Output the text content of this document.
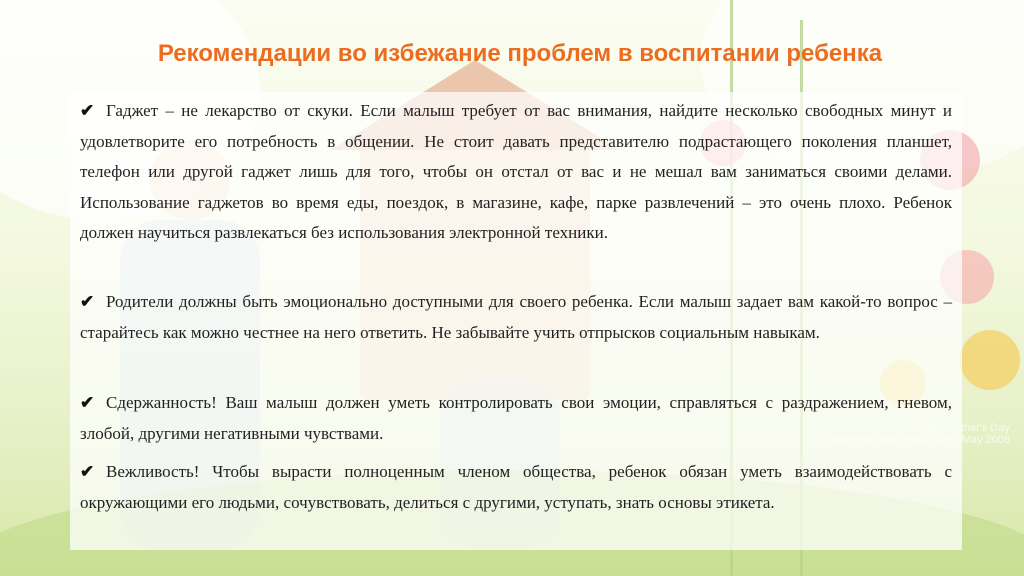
Рекомендации во избежание проблем в воспитании ребенка

✔ Гаджет – не лекарство от скуки. Если малыш требует от вас внимания, найдите несколько свободных минут и удовлетворите его потребность в общении. Не стоит давать представителю подрастающего поколения планшет, телефон или другой гаджет лишь для того, чтобы он отстал от вас и не мешал вам заниматься своими делами. Использование гаджетов во время еды, поездок, в магазине, кафе, парке развлечений – это очень плохо. Ребенок должен научиться развлекаться без использования электронной техники.

✔ Родители должны быть эмоционально доступными для своего ребенка. Если малыш задает вам какой-то вопрос – старайтесь как можно честнее на него ответить. Не забывайте учить отпрысков социальным навыкам.

✔ Сдержанность! Ваш малыш должен уметь контролировать свои эмоции, справляться с раздражением, гневом, злобой, другими негативными чувствами.

✔ Вежливость! Чтобы вырасти полноценным членом общества, ребенок обязан уметь взаимодействовать с окружающими его людьми, сочувствовать, делиться с другими, уступать, знать основы этикета.

Image: Mother's Day
Copyright: www.fotolia.com, May 2008
